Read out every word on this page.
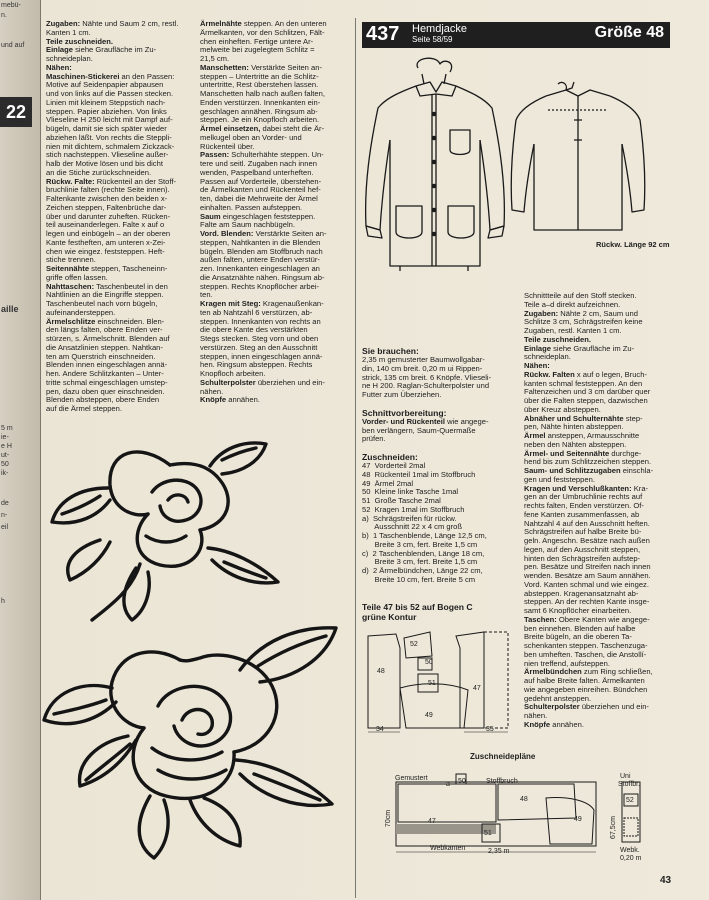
mebü-
n.
und auf
22
aille
5 m
ie-
e H
ut-
50
ik-
de
n-
eil
h

Zugaben: Nähte und Saum 2 cm, restl.

Kanten 1 cm.

Teile zuschneiden.

Einlage siehe Graufläche im Zu-

schneideplan.

Nähen:

Maschinen-Stickerei an den Passen:

Motive auf Seidenpapier abpausen

und von links auf die Passen stecken.

Linien mit kleinem Steppstich nach-

steppen. Papier abziehen. Von links

Vlieseline H 250 leicht mit Dampf auf-

bügeln, damit sie sich später wieder

abziehen läßt. Von rechts die Steppli-

nien mit dichtem, schmalem Zickzack-

stich nachsteppen. Vlieseline außer-

halb der Motive lösen und bis dicht

an die Stiche zurückschneiden.

Rückw. Falte: Rückenteil an der Stoff-

bruchlinie falten (rechte Seite innen).

Faltenkante zwischen den beiden x-

Zeichen steppen, Faltenbrüche dar-

über und darunter zuheften. Rücken-

teil auseinanderlegen. Falte x auf o

legen und einbügeln – an der oberen

Kante festheften, am unteren x-Zei-

chen wie eingez. feststeppen. Heft-

stiche trennen.

Seitennähte steppen, Tascheneinn-

griffe offen lassen.

Nahttaschen: Taschenbeutel in den

Nahtlinien an die Eingriffe steppen.

Taschenbeutel nach vorn bügeln,

aufeinandersteppen.

Ärmelschlitze einschneiden. Blen-

den längs falten, obere Enden ver-

stürzen, s. Ärmelschnitt. Blenden auf

die Ansatzlinien steppen. Nahtkan-

ten am Querstrich einschneiden.

Blenden innen eingeschlagen annä-

hen. Andere Schlitzkanten – Unter-

tritte schmal eingeschlagen umstep-

pen, dazu oben quer einschneiden.

Blenden absteppen, obere Enden

auf die Ärmel steppen.

Ärmelnähte steppen. An den unteren

Ärmelkanten, vor den Schlitzen, Fält-

chen einheften. Fertige untere Ar-

melweite bei zugelegtem Schlitz =

21,5 cm.

Manschetten: Verstärkte Seiten an-

steppen – Untertritte an die Schlitz-

untertritte, Rest überstehen lassen.

Manschetten halb nach außen falten,

Enden verstürzen. Innenkanten ein-

geschlagen annähen. Ringsum ab-

steppen. Je ein Knopfloch arbeiten.

Ärmel einsetzen, dabei steht die Är-

melkugel oben an Vorder- und

Rückenteil über.

Passen: Schulterhähte steppen. Un-

tere und seitl. Zugaben nach innen

wenden, Paspelband unterheften.

Passen auf Vorderteile, überstehen-

de Ärmelkanten und Rückenteil hef-

ten, dabei die Mehrweite der Ärmel

einhalten. Passen aufsteppen.

Saum eingeschlagen feststeppen.

Falte am Saum nachbügeln.

Vord. Blenden: Verstärkte Seiten an-

steppen, Nahtkanten in die Blenden

bügeln. Blenden am Stoffbruch nach

außen falten, untere Enden verstür-

zen. Innenkanten eingeschlagen an

die Ansatznähte nähen. Ringsum ab-

steppen. Rechts Knopflöcher arbei-

ten.

Kragen mit Steg: Kragenaußenkan-

ten ab Nahtzahl 6 verstürzen, ab-

steppen. Innenkanten von rechts an

die obere Kante des verstärkten

Stegs stecken. Steg vorn und oben

verstürzen. Steg an den Ausschnitt

steppen, innen eingeschlagen annä-

hen. Ringsum absteppen. Rechts

Knopfloch arbeiten.

Schulterpolster überziehen und ein-

nähen.

Knöpfe annähen.

437 Hemdjacke
Seite 58/59	Größe 48
Rückw. Länge 92 cm

Sie brauchen:

2,35 m gemusterter Baumwollgabar-

din, 140 cm breit. 0,20 m ui Rippen-

strick, 135 cm breit. 6 Knöpfe. Vlieseli-

ne H 200. Raglan-Schulterpolster und

Futter zum Überziehen.

Schnittvorbereitung:

Vorder- und Rückenteil wie angege-

ben verlängern, Saum-Quermaße

prüfen.

Zuschneiden:

47  Vorderteil 2mal

48  Rückenteil 1mal im Stoffbruch

49  Ärmel 2mal

50  Kleine linke Tasche 1mal

51  Große Tasche 2mal

52  Kragen 1mal im Stoffbruch

a)  Schrägstreifen für rückw.

Ausschnitt 22 x 4 cm groß

b)  1 Taschenblende, Länge 12,5 cm,

Breite 3 cm, fert. Breite 1,5 cm

c)  2 Taschenblenden, Länge 18 cm,

Breite 3 cm, fert. Breite 1,5 cm

d)  2 Ärmelbündchen, Länge 22 cm,

Breite 10 cm, fert. Breite 5 cm

Teile 47 bis 52 auf Bogen C

grüne Kontur

48
52
50
51
49
47
34	35

Schnittteile auf den Stoff stecken.

Teile a–d direkt aufzeichnen.

Zugaben: Nähte 2 cm, Saum und

Schlitze 3 cm, Schrägstreifen keine

Zugaben, restl. Kanten 1 cm.

Teile zuschneiden.

Einlage siehe Graufläche im Zu-

schneideplan.

Nähen:

Rückw. Falten x auf o legen, Bruch-

kanten schmal feststeppen. An den

Faltenzeichen und 3 cm darüber quer

über die Falten steppen, dazwischen

über Kreuz absteppen.

Abnäher und Schulternähte step-

pen, Nähte hinten absteppen.

Ärmel ansteppen, Armausschnitte

neben den Nähten absteppen.

Ärmel- und Seitennähte durchge-

hend bis zum Schlitzzeichen steppen.

Saum- und Schlitzzugaben einschla-

gen und feststeppen.

Kragen und Verschlußkanten: Kra-

gen an der Umbruchlinie rechts auf

rechts falten, Enden verstürzen. Of-

fene Kanten zusammenfassen, ab

Nahtzahl 4 auf den Ausschnitt heften.

Schrägstreifen auf halbe Breite bü-

geln. Angeschn. Besätze nach außen

legen, auf den Ausschnitt steppen,

hinten den Schrägstreifen aufstep-

pen. Besätze und Streifen nach innen

wenden. Besätze am Saum annähen.

Vord. Kanten schmal und wie eingez.

absteppen. Kragenansatznaht ab-

steppen. An der rechten Kante insge-

samt 6 Knopflöcher einarbeiten.

Taschen: Obere Kanten wie angege-

ben einnehen. Blenden auf halbe

Breite bügeln, an die oberen Ta-

schenkanten steppen. Taschenzuga-

ben umheften. Taschen, die Anstollí-

nien treffend, aufsteppen.

Ärmelbündchen zum Ring schließen,

auf halbe Breite falten. Ärmelkanten

wie angegeben einreihen. Bündchen

gedehnt ansteppen.

Schulterpolster überziehen und ein-

nähen.

Knöpfe annähen.

Zuschneidepläne
Gemustert	Stoffbruch
a 50
48
47	49
51
52
70cm
Webkanten	2,35 m
Uni
Stoffbr.
67,5cm
Webk.
0,20 m
43
